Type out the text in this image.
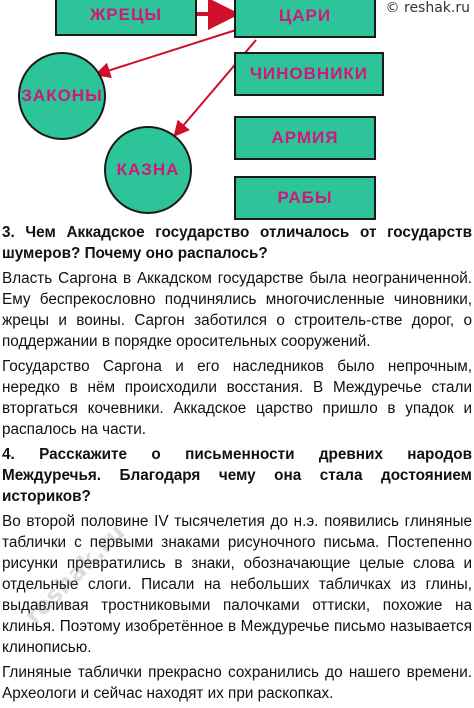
ЖРЕЦЫ	ЦАРИ
ЧИНОВНИКИ
АРМИЯ
РАБЫ
ЗАКОНЫ
КАЗНА
© reshak.ru

3. Чем Аккадское государство отличалось от государств шумеров? Почему оно распалось?

Власть Саргона в Аккадском государстве была неограниченной. Ему беспрекословно подчинялись многочисленные чиновники, жрецы и воины. Саргон заботился о строитель-стве дорог, о поддержании в порядке оросительных сооружений.

Государство Саргона и его наследников было непрочным, нередко в нём происходили восстания. В Междуречье стали вторгаться кочевники. Аккадское царство пришло в упадок и распалось на части.

4. Расскажите о письменности древних народов Междуречья. Благодаря чему она стала достоянием историков?

Во второй половине IV тысячелетия до н.э. появились глиняные таблички с первыми знаками рисуночного письма. Постепенно рисунки превратились в знаки, обозначающие целые слова и отдельные слоги. Писали на небольших табличках из глины, выдавливая тростниковыми палочками оттиски, похожие на клинья. Поэтому изобретённое в Междуречье письмо называется клинописью.

Глиняные таблички прекрасно сохранились до нашего времени. Археологи и сейчас находят их при раскопках.

reshak.ru
